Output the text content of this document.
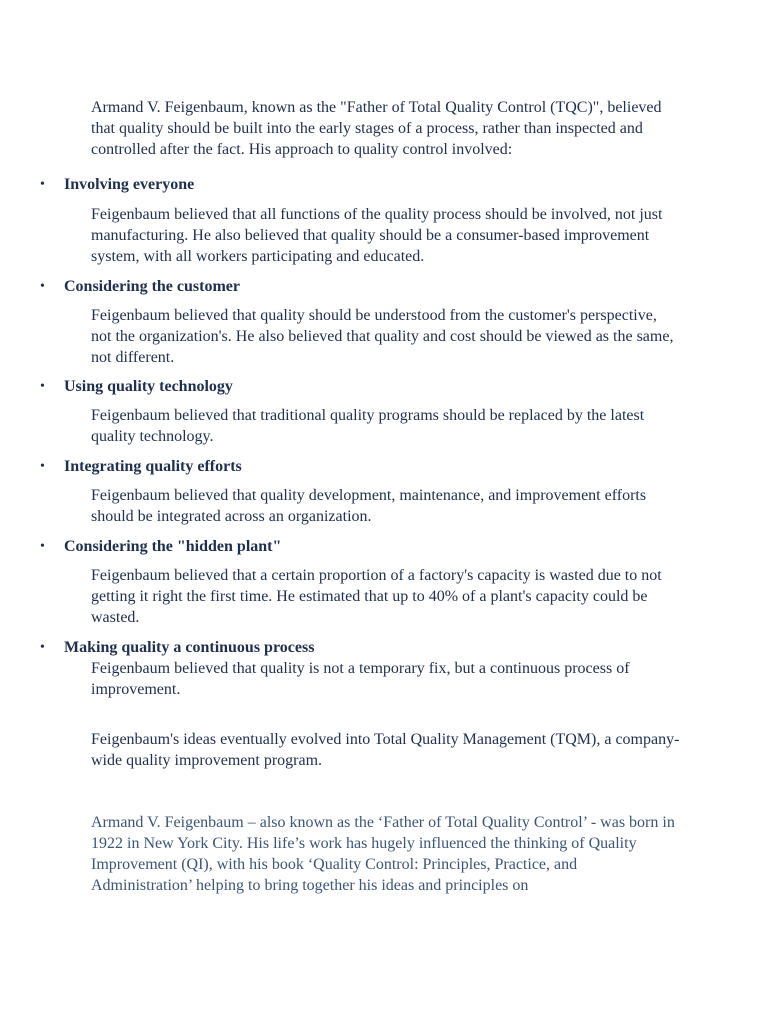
Armand V. Feigenbaum, known as the "Father of Total Quality Control (TQC)", believed that quality should be built into the early stages of a process, rather than inspected and controlled after the fact. His approach to quality control involved:

•	Involving everyone

Feigenbaum believed that all functions of the quality process should be involved, not just manufacturing. He also believed that quality should be a consumer-based improvement system, with all workers participating and educated.

•	Considering the customer

Feigenbaum believed that quality should be understood from the customer's perspective, not the organization's. He also believed that quality and cost should be viewed as the same, not different.

•	Using quality technology

Feigenbaum believed that traditional quality programs should be replaced by the latest quality technology.

•	Integrating quality efforts

Feigenbaum believed that quality development, maintenance, and improvement efforts should be integrated across an organization.

•	Considering the "hidden plant"

Feigenbaum believed that a certain proportion of a factory's capacity is wasted due to not getting it right the first time. He estimated that up to 40% of a plant's capacity could be wasted.

•	Making quality a continuous process

Feigenbaum believed that quality is not a temporary fix, but a continuous process of improvement.

Feigenbaum's ideas eventually evolved into Total Quality Management (TQM), a company-wide quality improvement program.

Armand V. Feigenbaum – also known as the ‘Father of Total Quality Control’ - was born in 1922 in New York City. His life’s work has hugely influenced the thinking of Quality Improvement (QI), with his book ‘Quality Control: Principles, Practice, and Administration’ helping to bring together his ideas and principles on
